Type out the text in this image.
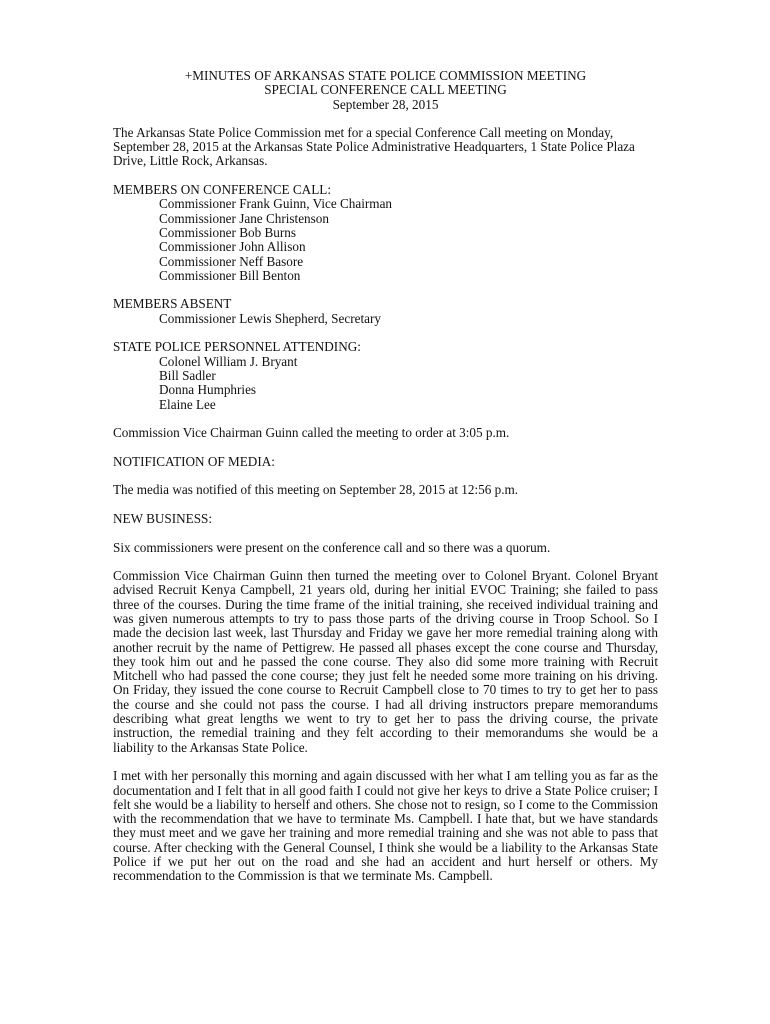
+MINUTES OF ARKANSAS STATE POLICE COMMISSION MEETING
SPECIAL CONFERENCE CALL MEETING
September 28, 2015

The Arkansas State Police Commission met for a special Conference Call meeting on Monday, September 28, 2015 at the Arkansas State Police Administrative Headquarters, 1 State Police Plaza Drive, Little Rock, Arkansas.

MEMBERS ON CONFERENCE CALL:
Commissioner Frank Guinn, Vice Chairman
Commissioner Jane Christenson
Commissioner Bob Burns
Commissioner John Allison
Commissioner Neff Basore
Commissioner Bill Benton
MEMBERS ABSENT
Commissioner Lewis Shepherd, Secretary
STATE POLICE PERSONNEL ATTENDING:
Colonel William J. Bryant
Bill Sadler
Donna Humphries
Elaine Lee

Commission Vice Chairman Guinn called the meeting to order at 3:05 p.m.

NOTIFICATION OF MEDIA:

The media was notified of this meeting on September 28, 2015 at 12:56 p.m.

NEW BUSINESS:

Six commissioners were present on the conference call and so there was a quorum.

Commission Vice Chairman Guinn then turned the meeting over to Colonel Bryant. Colonel Bryant advised Recruit Kenya Campbell, 21 years old, during her initial EVOC Training; she failed to pass three of the courses. During the time frame of the initial training, she received individual training and was given numerous attempts to try to pass those parts of the driving course in Troop School. So I made the decision last week, last Thursday and Friday we gave her more remedial training along with another recruit by the name of Pettigrew. He passed all phases except the cone course and Thursday, they took him out and he passed the cone course. They also did some more training with Recruit Mitchell who had passed the cone course; they just felt he needed some more training on his driving. On Friday, they issued the cone course to Recruit Campbell close to 70 times to try to get her to pass the course and she could not pass the course. I had all driving instructors prepare memorandums describing what great lengths we went to try to get her to pass the driving course, the private instruction, the remedial training and they felt according to their memorandums she would be a liability to the Arkansas State Police.

I met with her personally this morning and again discussed with her what I am telling you as far as the documentation and I felt that in all good faith I could not give her keys to drive a State Police cruiser; I felt she would be a liability to herself and others. She chose not to resign, so I come to the Commission with the recommendation that we have to terminate Ms. Campbell. I hate that, but we have standards they must meet and we gave her training and more remedial training and she was not able to pass that course. After checking with the General Counsel, I think she would be a liability to the Arkansas State Police if we put her out on the road and she had an accident and hurt herself or others. My recommendation to the Commission is that we terminate Ms. Campbell.
